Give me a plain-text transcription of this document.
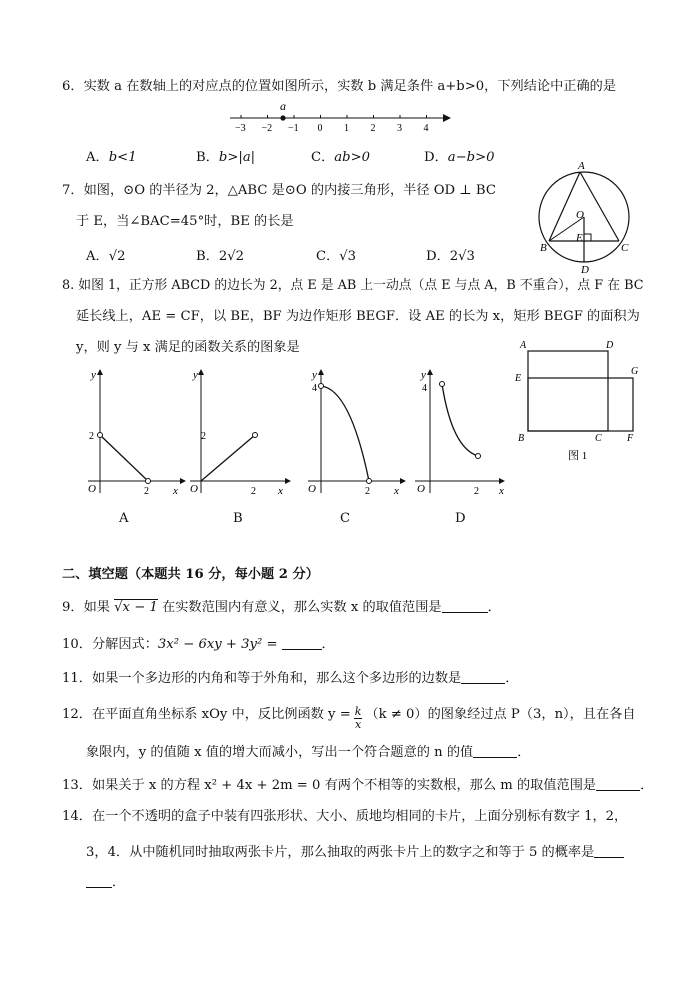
6．实数 a 在数轴上的对应点的位置如图所示，实数 b 满足条件 a+b>0，下列结论中正确的是
−3 −2 −1 0 1 2 3 4
a
A．b<1	B．b>|a|	C．ab>0	D．a−b>0
7．如图，⊙O 的半径为 2，△ABC 是⊙O 的内接三角形，半径 OD ⊥ BC
于 E，当∠BAC=45°时，BE 的长是
A．√2	B．2√2	C．√3	D．2√3
A
O
E
B	C
D
8. 如图 1，正方形 ABCD 的边长为 2，点 E 是 AB 上一动点（点 E 与点 A，B 不重合），点 F 在 BC
延长线上，AE = CF，以 BE，BF 为边作矩形 BEGF．设 AE 的长为 x，矩形 BEGF 的面积为
y，则 y 与 x 满足的函数关系的图象是
y
x
O
2
2
A
y
x
O
2
2
B
y
x
O
4
2
C
y
x
O
4
2
D
A	D
E
G
B	C	F
图 1
二、填空题（本题共 16 分，每小题 2 分）
9．如果 √x − 1 在实数范围内有意义，那么实数 x 的取值范围是	．
10．分解因式：3x² − 6xy + 3y² =	．
11．如果一个多边形的内角和等于外角和，那么这个多边形的边数是	．
12．在平面直角坐标系 xOy 中，反比例函数 $y = \frac{k}{x} (k \ne 0)$的图象经过点 P（3，n），且在各自
象限内，y 的值随 x 值的增大而减小，写出一个符合题意的 n 的值	．
13．如果关于 x 的方程 x² + 4x + 2m = 0 有两个不相等的实数根，那么 m 的取值范围是	．
14．在一个不透明的盒子中装有四张形状、大小、质地均相同的卡片，上面分别标有数字 1，2，
3，4．从中随机同时抽取两张卡片，那么抽取的两张卡片上的数字之和等于 5 的概率是
．
